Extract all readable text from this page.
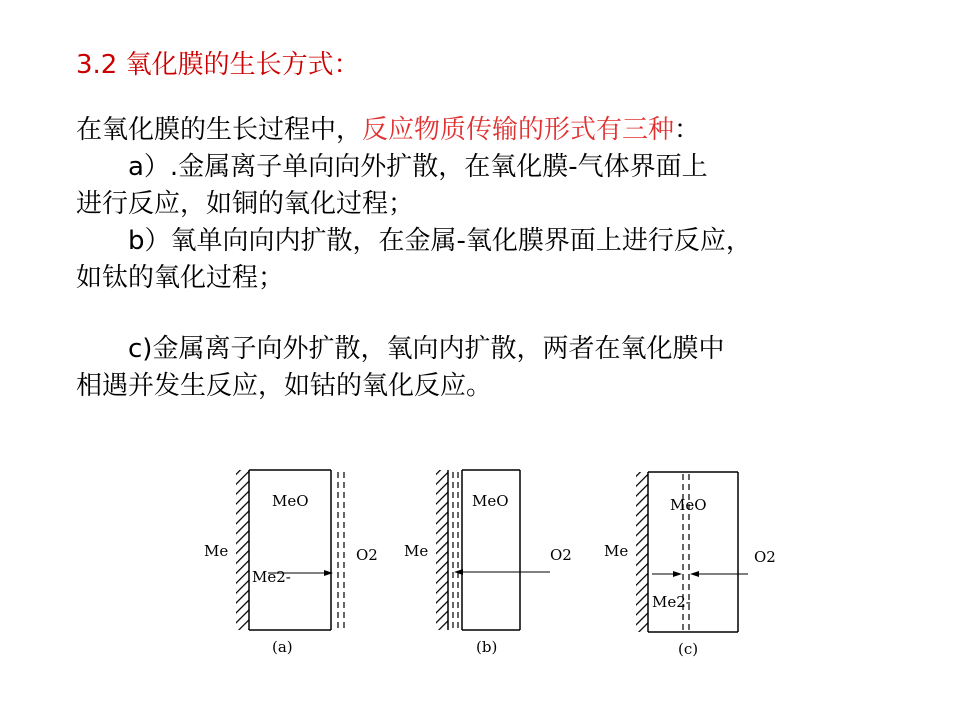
3.2 氧化膜的生长方式：
在氧化膜的生长过程中，反应物质传输的形式有三种：
a）.金属离子单向向外扩散，在氧化膜-气体界面上
进行反应，如铜的氧化过程；
b）氧单向向内扩散，在金属-氧化膜界面上进行反应，
如钛的氧化过程；
c)金属离子向外扩散，氧向内扩散，两者在氧化膜中
相遇并发生反应，如钴的氧化反应。
MeO
Me	O2
Me2-
(a)
MeO
Me	O2
(b)
MeO
Me	O2
Me2-
(c)
